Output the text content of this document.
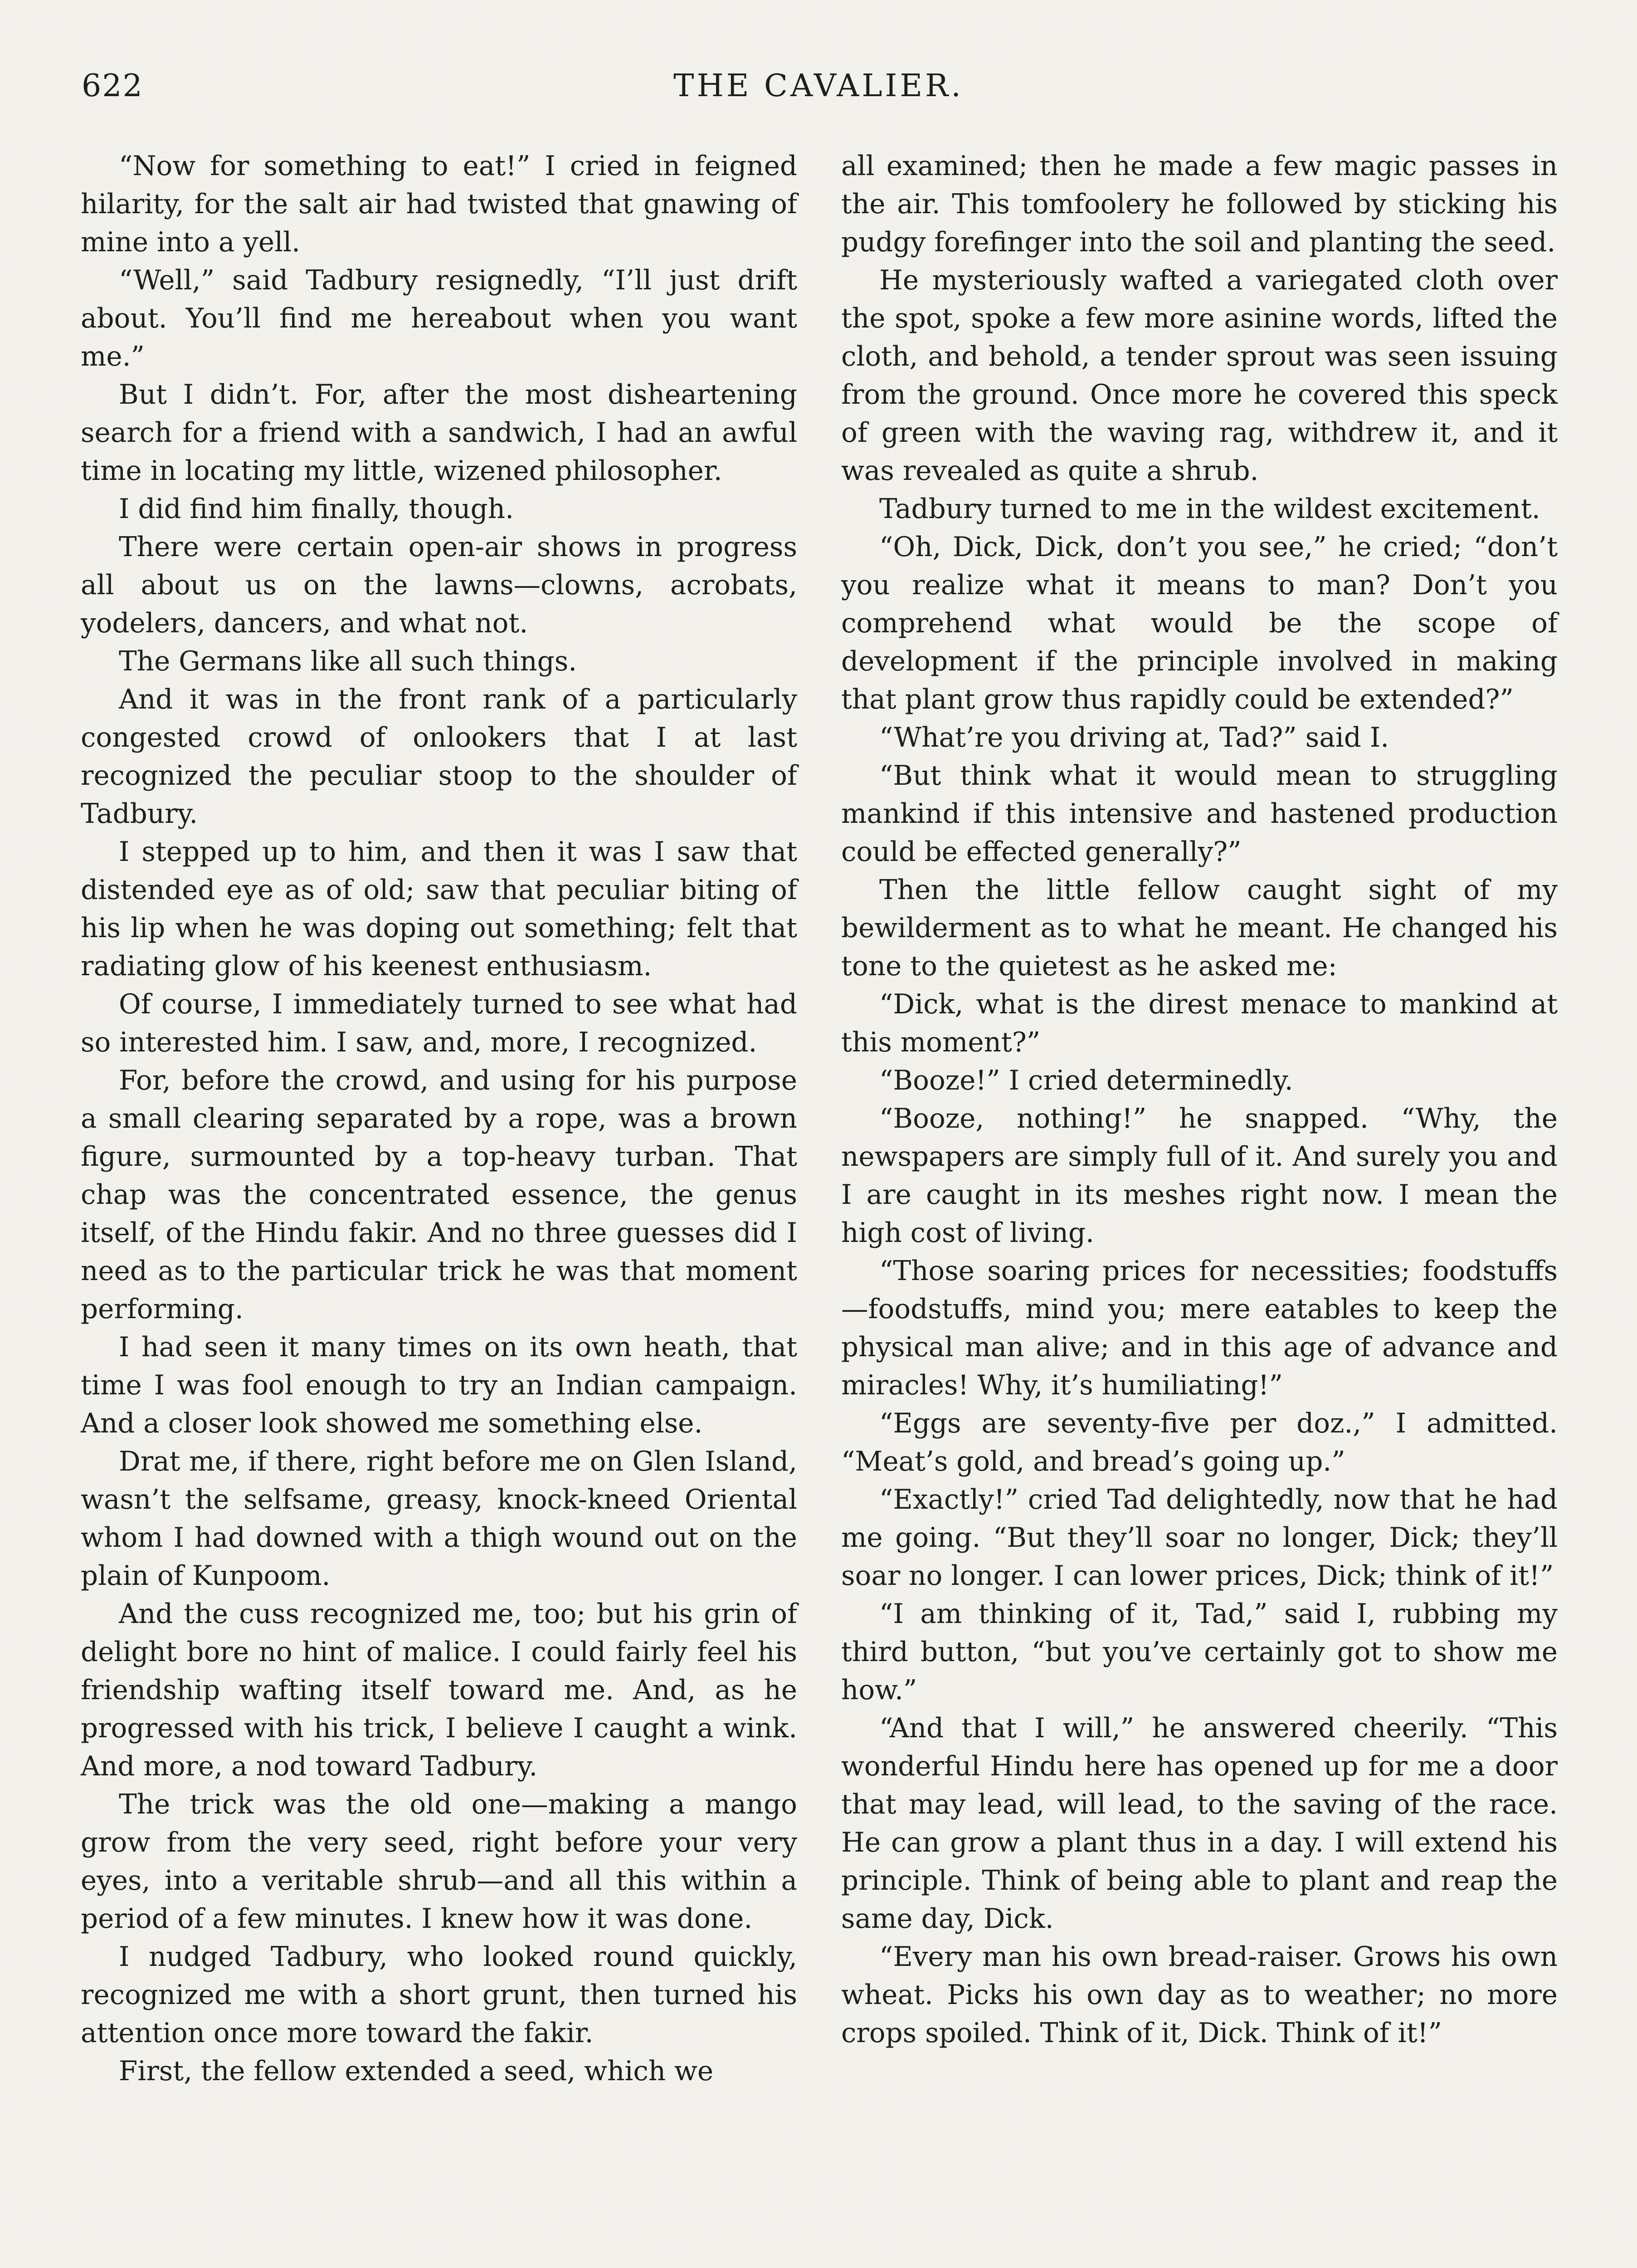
622	THE CAVALIER.

“Now for something to eat!” I cried in feigned hilarity, for the salt air had twisted that gnawing of mine into a yell.

“Well,” said Tadbury resignedly, “I’ll just drift about. You’ll find me hereabout when you want me.”

But I didn’t. For, after the most disheartening search for a friend with a sandwich, I had an awful time in locating my little, wizened philosopher.

I did find him finally, though.

There were certain open-air shows in progress all about us on the lawns—clowns, acrobats, yodelers, dancers, and what not.

The Germans like all such things.

And it was in the front rank of a particularly congested crowd of onlookers that I at last recognized the peculiar stoop to the shoulder of Tadbury.

I stepped up to him, and then it was I saw that distended eye as of old; saw that peculiar biting of his lip when he was doping out something; felt that radiating glow of his keenest enthusiasm.

Of course, I immediately turned to see what had so interested him. I saw, and, more, I recognized.

For, before the crowd, and using for his purpose a small clearing separated by a rope, was a brown figure, surmounted by a top-heavy turban. That chap was the concentrated essence, the genus itself, of the Hindu fakir. And no three guesses did I need as to the particular trick he was that moment performing.

I had seen it many times on its own heath, that time I was fool enough to try an Indian campaign. And a closer look showed me something else.

Drat me, if there, right before me on Glen Island, wasn’t the selfsame, greasy, knock-kneed Oriental whom I had downed with a thigh wound out on the plain of Kunpoom.

And the cuss recognized me, too; but his grin of delight bore no hint of malice. I could fairly feel his friendship wafting itself toward me. And, as he progressed with his trick, I believe I caught a wink. And more, a nod toward Tadbury.

The trick was the old one—making a mango grow from the very seed, right before your very eyes, into a veritable shrub—and all this within a period of a few minutes. I knew how it was done.

I nudged Tadbury, who looked round quickly, recognized me with a short grunt, then turned his attention once more toward the fakir.

First, the fellow extended a seed, which we

all examined; then he made a few magic passes in the air. This tomfoolery he followed by sticking his pudgy forefinger into the soil and planting the seed.

He mysteriously wafted a variegated cloth over the spot, spoke a few more asinine words, lifted the cloth, and behold, a tender sprout was seen issuing from the ground. Once more he covered this speck of green with the waving rag, withdrew it, and it was revealed as quite a shrub.

Tadbury turned to me in the wildest excitement.

“Oh, Dick, Dick, don’t you see,” he cried; “don’t you realize what it means to man? Don’t you comprehend what would be the scope of development if the principle involved in making that plant grow thus rapidly could be extended?”

“What’re you driving at, Tad?” said I.

“But think what it would mean to struggling mankind if this intensive and hastened production could be effected generally?”

Then the little fellow caught sight of my bewilderment as to what he meant. He changed his tone to the quietest as he asked me:

“Dick, what is the direst menace to mankind at this moment?”

“Booze!” I cried determinedly.

“Booze, nothing!” he snapped. “Why, the newspapers are simply full of it. And surely you and I are caught in its meshes right now. I mean the high cost of living.

“Those soaring prices for necessities; foodstuffs—foodstuffs, mind you; mere eatables to keep the physical man alive; and in this age of advance and miracles! Why, it’s humiliating!”

“Eggs are seventy-five per doz.,” I admitted. “Meat’s gold, and bread’s going up.”

“Exactly!” cried Tad delightedly, now that he had me going. “But they’ll soar no longer, Dick; they’ll soar no longer. I can lower prices, Dick; think of it!”

“I am thinking of it, Tad,” said I, rubbing my third button, “but you’ve certainly got to show me how.”

“And that I will,” he answered cheerily. “This wonderful Hindu here has opened up for me a door that may lead, will lead, to the saving of the race. He can grow a plant thus in a day. I will extend his principle. Think of being able to plant and reap the same day, Dick.

“Every man his own bread-raiser. Grows his own wheat. Picks his own day as to weather; no more crops spoiled. Think of it, Dick. Think of it!”
